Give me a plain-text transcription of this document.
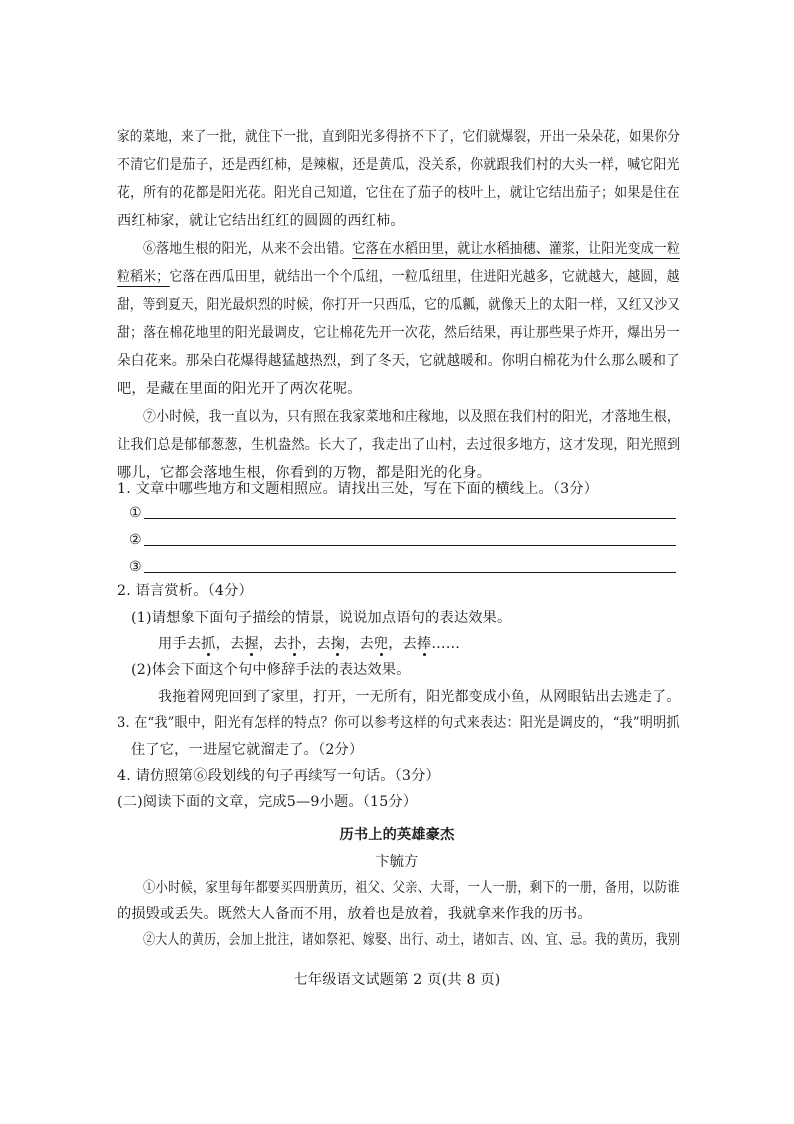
家的菜地，来了一批，就住下一批，直到阳光多得挤不下了，它们就爆裂，开出一朵朵花，如果你分
不清它们是茄子，还是西红柿，是辣椒，还是黄瓜，没关系，你就跟我们村的大头一样，喊它阳光
花，所有的花都是阳光花。阳光自己知道，它住在了茄子的枝叶上，就让它结出茄子；如果是住在
西红柿家，就让它结出红红的圆圆的西红柿。
⑥落地生根的阳光，从来不会出错。它落在水稻田里，就让水稻抽穗、灌浆，让阳光变成一粒
粒稻米；它落在西瓜田里，就结出一个个瓜纽，一粒瓜纽里，住进阳光越多，它就越大，越圆，越
甜，等到夏天，阳光最炽烈的时候，你打开一只西瓜，它的瓜瓤，就像天上的太阳一样，又红又沙又
甜；落在棉花地里的阳光最调皮，它让棉花先开一次花，然后结果，再让那些果子炸开，爆出另一
朵白花来。那朵白花爆得越猛越热烈，到了冬天，它就越暖和。你明白棉花为什么那么暖和了
吧，是藏在里面的阳光开了两次花呢。
⑦小时候，我一直以为，只有照在我家菜地和庄稼地，以及照在我们村的阳光，才落地生根，
让我们总是郁郁葱葱，生机盎然。长大了，我走出了山村，去过很多地方，这才发现，阳光照到
哪儿，它都会落地生根，你看到的万物，都是阳光的化身。
1. 文章中哪些地方和文题相照应。请找出三处，写在下面的横线上。（3分）
①
②
③
2. 语言赏析。（4分）
(1)请想象下面句子描绘的情景，说说加点语句的表达效果。
用手去抓，去握，去扑，去掬，去兜，去捧……
(2)体会下面这个句中修辞手法的表达效果。
我拖着网兜回到了家里，打开，一无所有，阳光都变成小鱼，从网眼钻出去逃走了。
3. 在“我”眼中，阳光有怎样的特点？你可以参考这样的句式来表达：阳光是调皮的，“我”明明抓
住了它，一进屋它就溜走了。（2分）
4. 请仿照第⑥段划线的句子再续写一句话。（3分）
(二)阅读下面的文章，完成5—9小题。（15分）
历书上的英雄豪杰
卞毓方
①小时候，家里每年都要买四册黄历，祖父、父亲、大哥，一人一册，剩下的一册，备用，以防谁
的损毁或丢失。既然大人备而不用，放着也是放着，我就拿来作我的历书。
②大人的黄历，会加上批注，诸如祭祀、嫁娶、出行、动土，诸如吉、凶、宜、忌。我的黄历，我别
七年级语文试题第 2 页(共 8 页)
